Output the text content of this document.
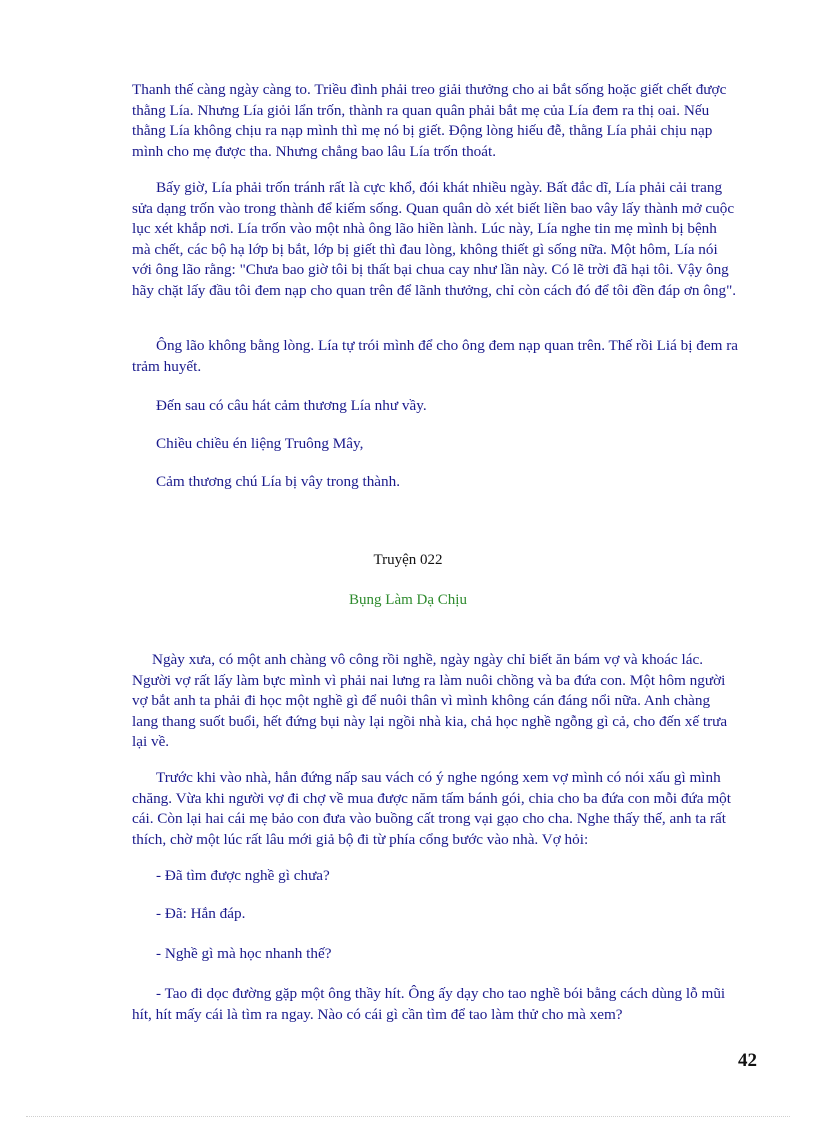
Thanh thế càng ngày càng to. Triều đình phải treo giải thưởng cho ai bắt sống hoặc giết chết được thằng Lía. Nhưng Lía giỏi lẩn trốn, thành ra quan quân phải bắt mẹ của Lía đem ra thị oai. Nếu thằng Lía không chịu ra nạp mình thì mẹ nó bị giết. Động lòng hiếu đễ, thằng Lía phải chịu nạp mình cho mẹ được tha. Nhưng chẳng bao lâu Lía trốn thoát.

Bấy giờ, Lía phải trốn tránh rất là cực khổ, đói khát nhiều ngày. Bất đắc dĩ, Lía phải cải trang sửa dạng trốn vào trong thành để kiếm sống. Quan quân dò xét biết liền bao vây lấy thành mở cuộc lục xét khắp nơi. Lía trốn vào một nhà ông lão hiền lành. Lúc này, Lía nghe tin mẹ mình bị bệnh mà chết, các bộ hạ lớp bị bắt, lớp bị giết thì đau lòng, không thiết gì sống nữa. Một hôm, Lía nói với ông lão rằng: "Chưa bao giờ tôi bị thất bại chua cay như lần này. Có lẽ trời đã hại tôi. Vậy ông hãy chặt lấy đầu tôi đem nạp cho quan trên để lãnh thưởng, chỉ còn cách đó để tôi đền đáp ơn ông".

Ông lão không bằng lòng. Lía tự trói mình để cho ông đem nạp quan trên. Thế rồi Liá bị đem ra trảm huyết.

Đến sau có câu hát cảm thương Lía như vầy.

Chiều chiều én liệng Truông Mây,

Cảm thương chú Lía bị vây trong thành.

Truyện 022

Bụng Làm Dạ Chịu

Ngày xưa, có một anh chàng vô công rồi nghề, ngày ngày chỉ biết ăn bám vợ và khoác lác. Người vợ rất lấy làm bực mình vì phải nai lưng ra làm nuôi chồng và ba đứa con. Một hôm người vợ bắt anh ta phải đi học một nghề gì để nuôi thân vì mình không cán đáng nổi nữa. Anh chàng lang thang suốt buổi, hết đứng bụi này lại ngồi nhà kia, chả học nghề ngỗng gì cả, cho đến xế trưa lại về.

Trước khi vào nhà, hắn đứng nấp sau vách có ý nghe ngóng xem vợ mình có nói xấu gì mình chăng. Vừa khi người vợ đi chợ về mua được năm tấm bánh gói, chia cho ba đứa con mỗi đứa một cái. Còn lại hai cái mẹ bảo con đưa vào buồng cất trong vại gạo cho cha. Nghe thấy thế, anh ta rất thích, chờ một lúc rất lâu mới giả bộ đi từ phía cổng bước vào nhà. Vợ hỏi:

- Đã tìm được nghề gì chưa?

- Đã: Hắn đáp.

- Nghề gì mà học nhanh thế?

- Tao đi dọc đường gặp một ông thầy hít. Ông ấy dạy cho tao nghề bói bằng cách dùng lỗ mũi hít, hít mấy cái là tìm ra ngay. Nào có cái gì cần tìm để tao làm thử cho mà xem?

42
